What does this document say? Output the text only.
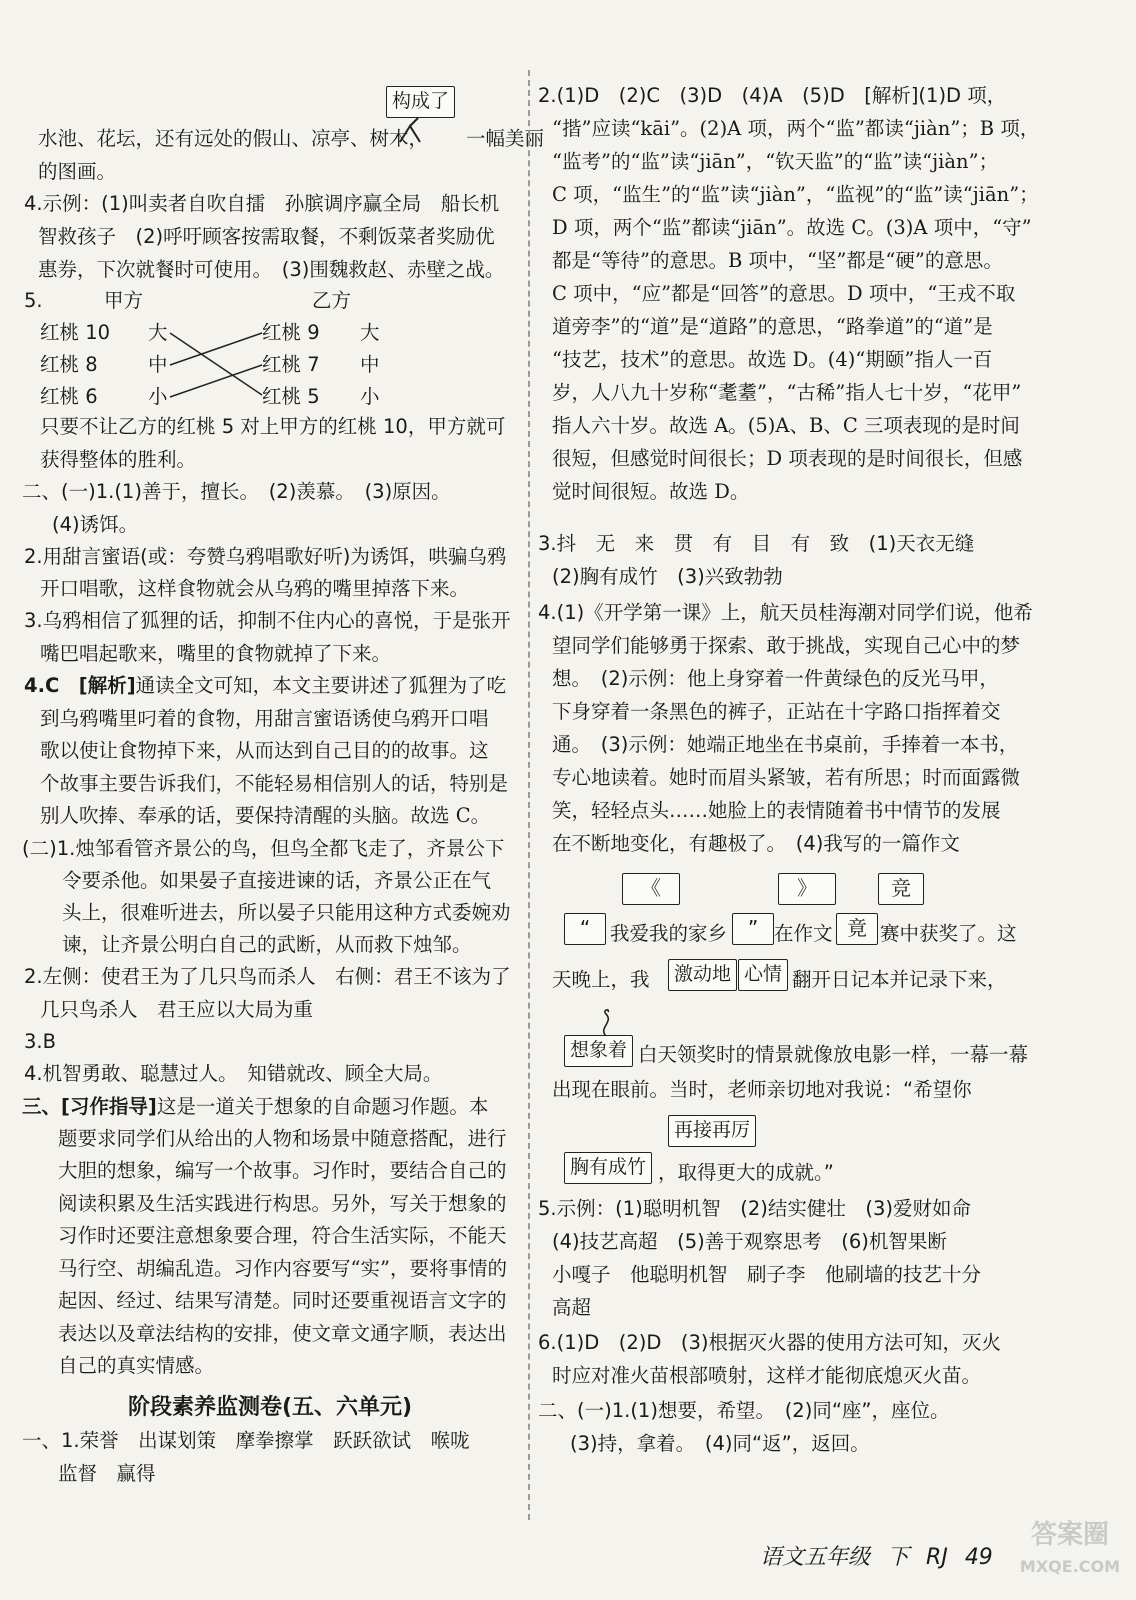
构成了
水池、花坛，还有远处的假山、凉亭、树木， 一幅美丽
的图画。
4.示例：(1)叫卖者自吹自擂　孙膑调序赢全局　船长机
智救孩子　(2)呼吁顾客按需取餐，不剩饭菜者奖励优
惠券，下次就餐时可使用。　(3)围魏救赵、赤壁之战。
5.	甲方	乙方
红桃 10 大	红桃 9 大
红桃 8	中	红桃 7 中
红桃 6	小	红桃 5 小
只要不让乙方的红桃 5 对上甲方的红桃 10，甲方就可
获得整体的胜利。
二、(一)1.(1)善于，擅长。　(2)羡慕。　(3)原因。
(4)诱饵。
2.用甜言蜜语(或：夸赞乌鸦唱歌好听)为诱饵，哄骗乌鸦
开口唱歌，这样食物就会从乌鸦的嘴里掉落下来。
3.乌鸦相信了狐狸的话，抑制不住内心的喜悦，于是张开
嘴巴唱起歌来，嘴里的食物就掉了下来。
4.C　[解析]通读全文可知，本文主要讲述了狐狸为了吃
到乌鸦嘴里叼着的食物，用甜言蜜语诱使乌鸦开口唱
歌以使让食物掉下来，从而达到自己目的的故事。这
个故事主要告诉我们，不能轻易相信别人的话，特别是
别人吹捧、奉承的话，要保持清醒的头脑。故选 C。
(二)1.烛邹看管齐景公的鸟，但鸟全都飞走了，齐景公下
令要杀他。如果晏子直接进谏的话，齐景公正在气
头上，很难听进去，所以晏子只能用这种方式委婉劝
谏，让齐景公明白自己的武断，从而救下烛邹。
2.左侧：使君王为了几只鸟而杀人　右侧：君王不该为了
几只鸟杀人　君王应以大局为重
3.B
4.机智勇敢、聪慧过人。　知错就改、顾全大局。
三、[习作指导]这是一道关于想象的自命题习作题。本
题要求同学们从给出的人物和场景中随意搭配，进行
大胆的想象，编写一个故事。习作时，要结合自己的
阅读积累及生活实践进行构思。另外，写关于想象的
习作时还要注意想象要合理，符合生活实际，不能天
马行空、胡编乱造。习作内容要写“实”，要将事情的
起因、经过、结果写清楚。同时还要重视语言文字的
表达以及章法结构的安排，使文章文通字顺，表达出
自己的真实情感。
阶段素养监测卷(五、六单元)
一、1.荣誉　出谋划策　摩拳擦掌　跃跃欲试　喉咙
监督　赢得
2.(1)D　(2)C　(3)D　(4)A　(5)D　[解析](1)D 项，
“揩”应读“kāi”。(2)A 项，两个“监”都读“jiàn”；B 项，
“监考”的“监”读“jiān”，“钦天监”的“监”读“jiàn”；
C 项，“监生”的“监”读“jiàn”，“监视”的“监”读“jiān”；
D 项，两个“监”都读“jiān”。故选 C。(3)A 项中，“守”
都是“等待”的意思。B 项中，“坚”都是“硬”的意思。
C 项中，“应”都是“回答”的意思。D 项中，“王戎不取
道旁李”的“道”是“道路”的意思，“路拳道”的“道”是
“技艺，技术”的意思。故选 D。(4)“期颐”指人一百
岁，人八九十岁称“耄耋”，“古稀”指人七十岁，“花甲”
指人六十岁。故选 A。(5)A、B、C 三项表现的是时间
很短，但感觉时间很长；D 项表现的是时间很长，但感
觉时间很短。故选 D。
3.抖　无　来　贯　有　目　有　致　(1)天衣无缝
(2)胸有成竹　(3)兴致勃勃
4.(1)《开学第一课》上，航天员桂海潮对同学们说，他希
望同学们能够勇于探索、敢于挑战，实现自己心中的梦
想。　(2)示例：他上身穿着一件黄绿色的反光马甲，
下身穿着一条黑色的裤子，正站在十字路口指挥着交
通。　(3)示例：她端正地坐在书桌前，手捧着一本书，
专心地读着。她时而眉头紧皱，若有所思；时而面露微
笑，轻轻点头……她脸上的表情随着书中情节的发展
在不断地变化，有趣极了。　(4)我写的一篇作文
《	》	竞
“	我爱我的家乡	” 在作文 竟 赛中获奖了。这
天晚上，我	激动地 心情 翻开日记本并记录下来，
想象着 白天领奖时的情景就像放电影一样，一幕一幕
出现在眼前。当时，老师亲切地对我说：“希望你
再接再厉
胸有成竹 ，取得更大的成就。”
5.示例：(1)聪明机智　(2)结实健壮　(3)爱财如命
(4)技艺高超　(5)善于观察思考　(6)机智果断
小嘎子　他聪明机智　刷子李　他刷墙的技艺十分
高超
6.(1)D　(2)D　(3)根据灭火器的使用方法可知，灭火
时应对准火苗根部喷射，这样才能彻底熄灭火苗。
二、(一)1.(1)想要，希望。　(2)同“座”，座位。
(3)持，拿着。　(4)同“返”，返回。
语文五年级 下 RJ 49
答案圈
MXQE.COM
